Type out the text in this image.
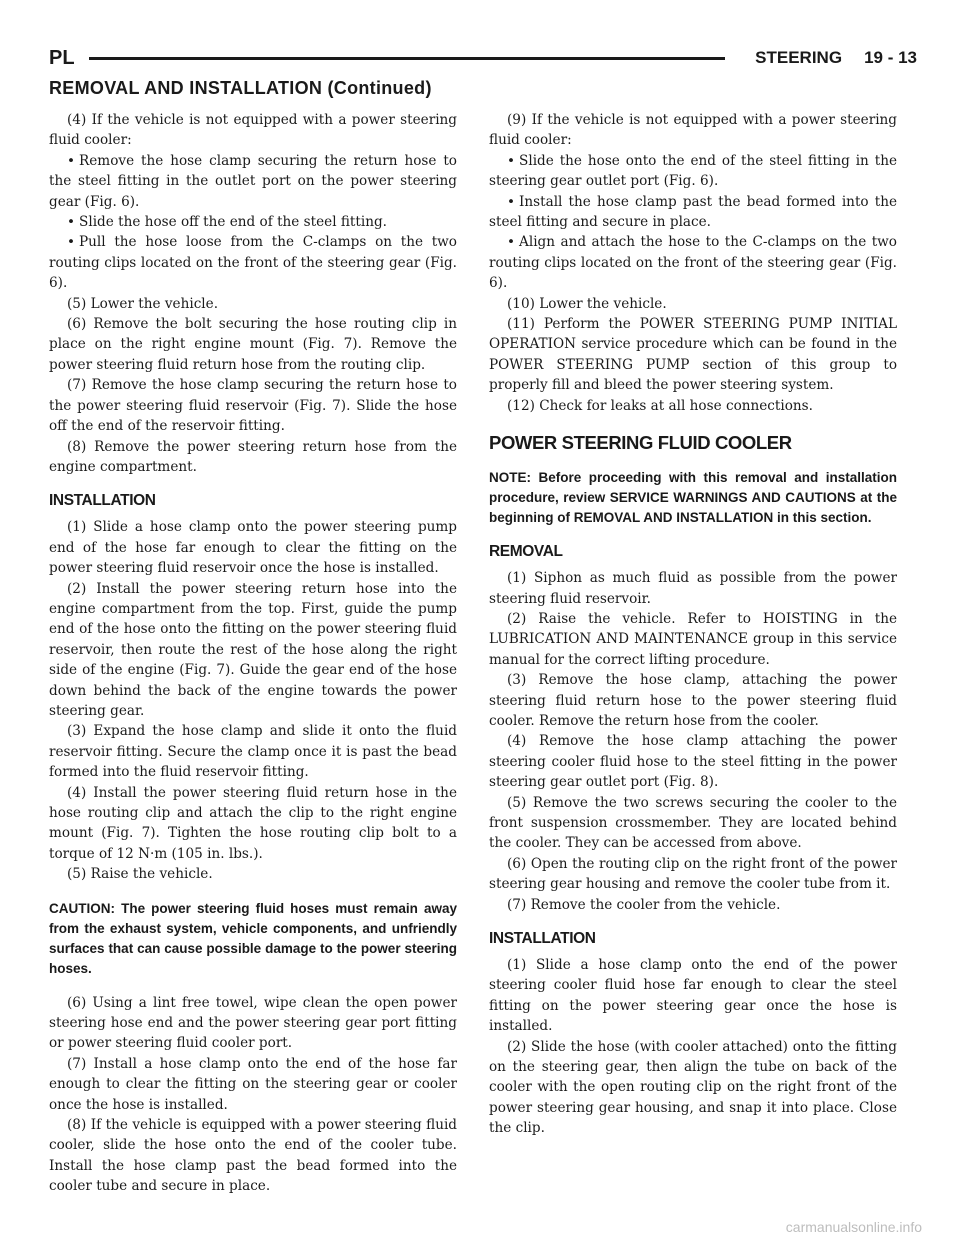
PL	STEERING 19 - 13
REMOVAL AND INSTALLATION (Continued)

(4) If the vehicle is not equipped with a power steering fluid cooler:

• Remove the hose clamp securing the return hose to the steel fitting in the outlet port on the power steering gear (Fig. 6).

• Slide the hose off the end of the steel fitting.

• Pull the hose loose from the C-clamps on the two routing clips located on the front of the steering gear (Fig. 6).

(5) Lower the vehicle.

(6) Remove the bolt securing the hose routing clip in place on the right engine mount (Fig. 7). Remove the power steering fluid return hose from the routing clip.

(7) Remove the hose clamp securing the return hose to the power steering fluid reservoir (Fig. 7). Slide the hose off the end of the reservoir fitting.

(8) Remove the power steering return hose from the engine compartment.

INSTALLATION

(1) Slide a hose clamp onto the power steering pump end of the hose far enough to clear the fitting on the power steering fluid reservoir once the hose is installed.

(2) Install the power steering return hose into the engine compartment from the top. First, guide the pump end of the hose onto the fitting on the power steering fluid reservoir, then route the rest of the hose along the right side of the engine (Fig. 7). Guide the gear end of the hose down behind the back of the engine towards the power steering gear.

(3) Expand the hose clamp and slide it onto the fluid reservoir fitting. Secure the clamp once it is past the bead formed into the fluid reservoir fitting.

(4) Install the power steering fluid return hose in the hose routing clip and attach the clip to the right engine mount (Fig. 7). Tighten the hose routing clip bolt to a torque of 12 N·m (105 in. lbs.).

(5) Raise the vehicle.

CAUTION: The power steering fluid hoses must remain away from the exhaust system, vehicle components, and unfriendly surfaces that can cause possible damage to the power steering hoses.

(6) Using a lint free towel, wipe clean the open power steering hose end and the power steering gear port fitting or power steering fluid cooler port.

(7) Install a hose clamp onto the end of the hose far enough to clear the fitting on the steering gear or cooler once the hose is installed.

(8) If the vehicle is equipped with a power steering fluid cooler, slide the hose onto the end of the cooler tube. Install the hose clamp past the bead formed into the cooler tube and secure in place.

(9) If the vehicle is not equipped with a power steering fluid cooler:

• Slide the hose onto the end of the steel fitting in the steering gear outlet port (Fig. 6).

• Install the hose clamp past the bead formed into the steel fitting and secure in place.

• Align and attach the hose to the C-clamps on the two routing clips located on the front of the steering gear (Fig. 6).

(10) Lower the vehicle.

(11) Perform the POWER STEERING PUMP INITIAL OPERATION service procedure which can be found in the POWER STEERING PUMP section of this group to properly fill and bleed the power steering system.

(12) Check for leaks at all hose connections.

POWER STEERING FLUID COOLER

NOTE: Before proceeding with this removal and installation procedure, review SERVICE WARNINGS AND CAUTIONS at the beginning of REMOVAL AND INSTALLATION in this section.

REMOVAL

(1) Siphon as much fluid as possible from the power steering fluid reservoir.

(2) Raise the vehicle. Refer to HOISTING in the LUBRICATION AND MAINTENANCE group in this service manual for the correct lifting procedure.

(3) Remove the hose clamp, attaching the power steering fluid return hose to the power steering fluid cooler. Remove the return hose from the cooler.

(4) Remove the hose clamp attaching the power steering cooler fluid hose to the steel fitting in the power steering gear outlet port (Fig. 8).

(5) Remove the two screws securing the cooler to the front suspension crossmember. They are located behind the cooler. They can be accessed from above.

(6) Open the routing clip on the right front of the power steering gear housing and remove the cooler tube from it.

(7) Remove the cooler from the vehicle.

INSTALLATION

(1) Slide a hose clamp onto the end of the power steering cooler fluid hose far enough to clear the steel fitting on the power steering gear once the hose is installed.

(2) Slide the hose (with cooler attached) onto the fitting on the steering gear, then align the tube on back of the cooler with the open routing clip on the right front of the power steering gear housing, and snap it into place. Close the clip.

carmanualsonline.info
